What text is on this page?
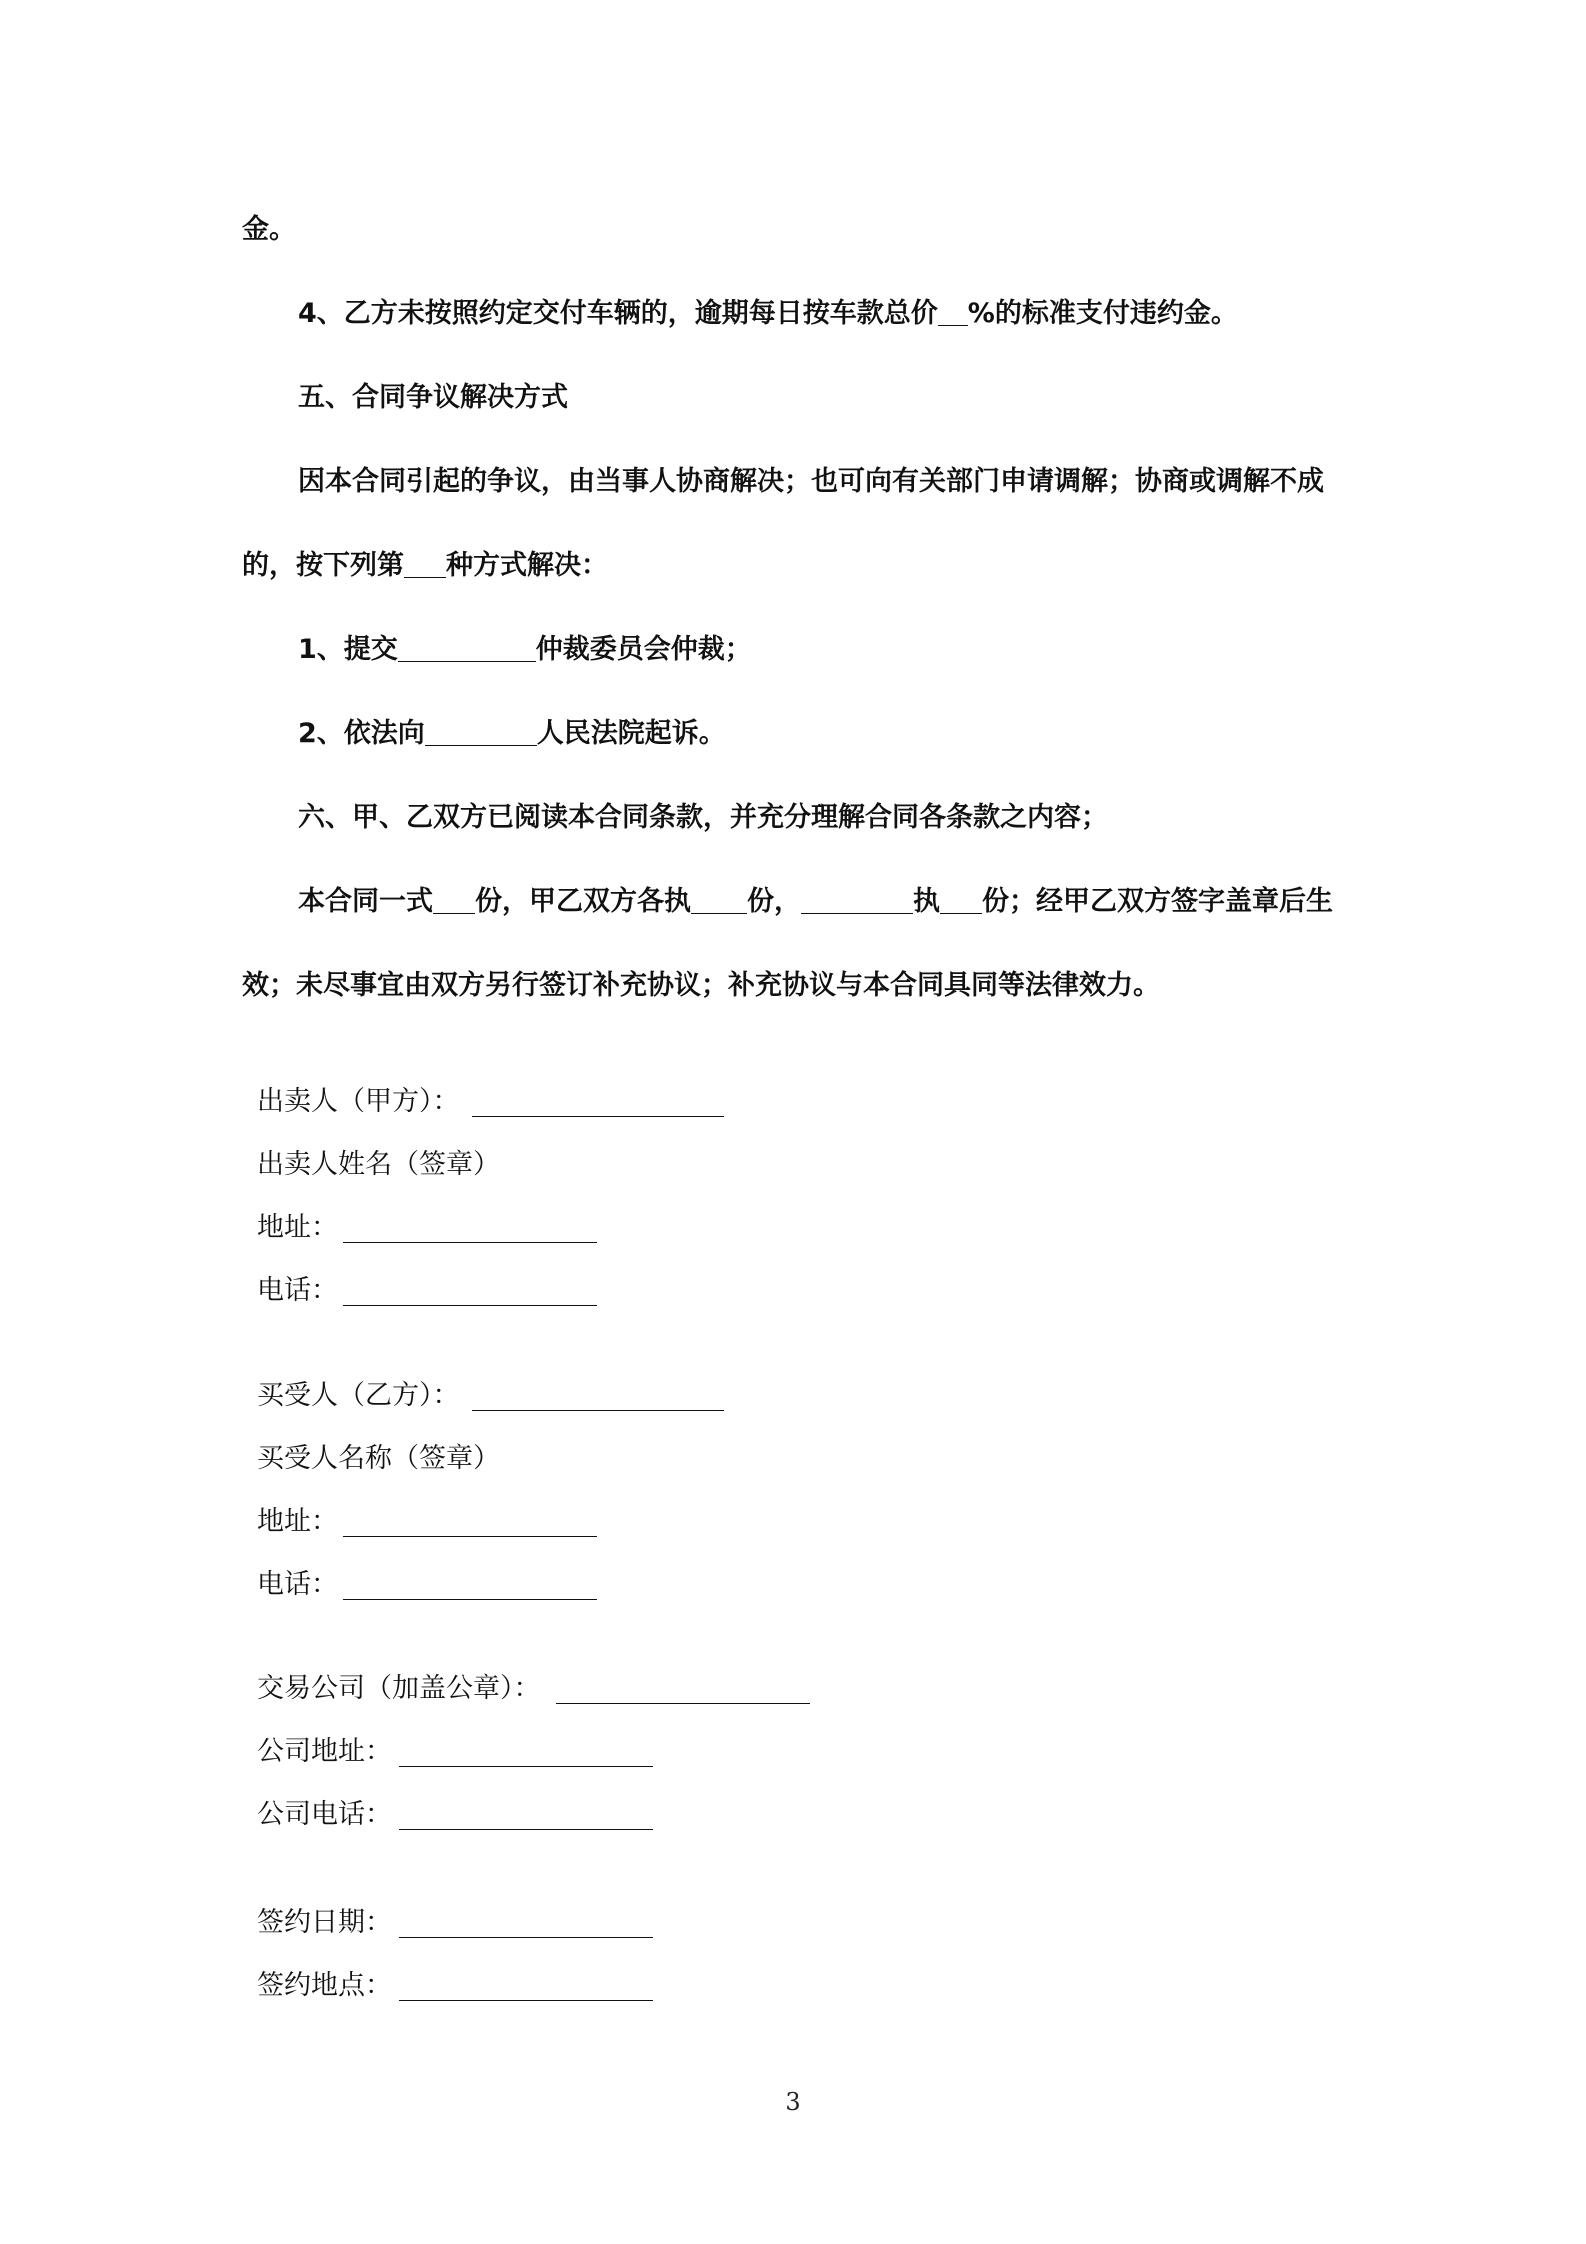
金。
4、乙方未按照约定交付车辆的，逾期每日按车款总价 %的标准支付违约金。
五、合同争议解决方式
因本合同引起的争议，由当事人协商解决；也可向有关部门申请调解；协商或调解不成
的，按下列第 种方式解决：
1、提交	仲裁委员会仲裁；
2、依法向	人民法院起诉。
六、甲、乙双方已阅读本合同条款，并充分理解合同各条款之内容；
本合同一式 份，甲乙双方各执 份，	执 份；经甲乙双方签字盖章后生
效；未尽事宜由双方另行签订补充协议；补充协议与本合同具同等法律效力。
出卖人（甲方）：
出卖人姓名（签章）
地址：
电话：
买受人（乙方）：
买受人名称（签章）
地址：
电话：
交易公司（加盖公章）：
公司地址：
公司电话：
签约日期：
签约地点：
3
